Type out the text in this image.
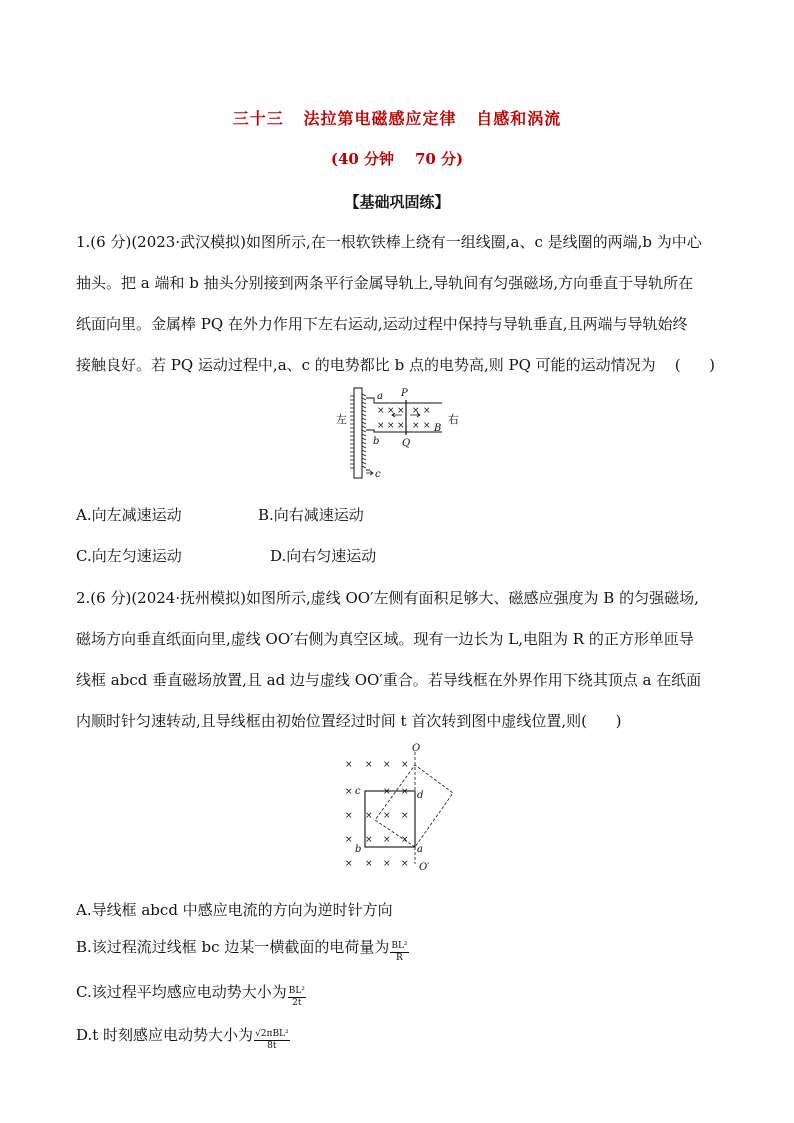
三十三   法拉第电磁感应定律   自感和涡流
(40 分钟    70 分)
【基础巩固练】
1.(6 分)(2023·武汉模拟)如图所示,在一根软铁棒上绕有一组线圈,a、c 是线圈的两端,b 为中心
抽头。把 a 端和 b 抽头分别接到两条平行金属导轨上,导轨间有匀强磁场,方向垂直于导轨所在
纸面向里。金属棒 PQ 在外力作用下左右运动,运动过程中保持与导轨垂直,且两端与导轨始终
接触良好。若 PQ 运动过程中,a、c 的电势都比 b 点的电势高,则 PQ 可能的运动情况为    (      )
× × × × ×
× × × × ×
左	右
a
b
c
P
Q
B
A.向左减速运动	B.向右减速运动
C.向左匀速运动	D.向右匀速运动
2.(6 分)(2024·抚州模拟)如图所示,虚线 OO′左侧有面积足够大、磁感应强度为 B 的匀强磁场,
磁场方向垂直纸面向里,虚线 OO′右侧为真空区域。现有一边长为 L,电阻为 R 的正方形单匝导
线框 abcd 垂直磁场放置,且 ad 边与虚线 OO′重合。若导线框在外界作用下绕其顶点 a 在纸面
内顺时针匀速转动,且导线框由初始位置经过时间 t 首次转到图中虚线位置,则(      )
× × × ×
×	× ×
× × × ×
× × × ×
× × × ×
O
O′
a
b
c	d
A.导线框 abcd 中感应电流的方向为逆时针方向
B.该过程流过线框 bc 边某一横截面的电荷量为 $\frac{\text{BL²}}{R}$
C.该过程平均感应电动势大小为 $\frac{\text{BL²}}{2t}$
D.t 时刻感应电动势大小为 $\frac{\text{√2πBL²}}{8t}$
